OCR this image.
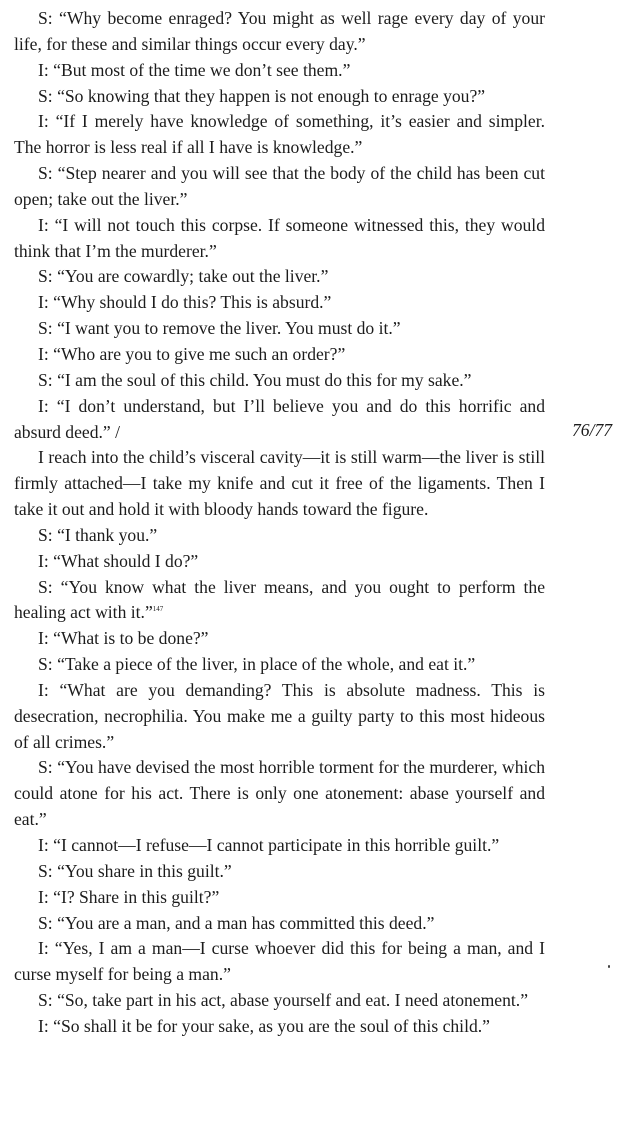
S: “Why become enraged? You might as well rage every day of your life, for these and similar things occur every day.”

I: “But most of the time we don’t see them.”

S: “So knowing that they happen is not enough to enrage you?”

I: “If I merely have knowledge of something, it’s easier and simpler. The horror is less real if all I have is knowledge.”

S: “Step nearer and you will see that the body of the child has been cut open; take out the liver.”

I: “I will not touch this corpse. If someone witnessed this, they would think that I’m the murderer.”

S: “You are cowardly; take out the liver.”

I: “Why should I do this? This is absurd.”

S: “I want you to remove the liver. You must do it.”

I: “Who are you to give me such an order?”

S: “I am the soul of this child. You must do this for my sake.”

I: “I don’t understand, but I’ll believe you and do this horrific and absurd deed.” /

I reach into the child’s visceral cavity—it is still warm—the liver is still firmly attached—I take my knife and cut it free of the ligaments. Then I take it out and hold it with bloody hands toward the figure.

S: “I thank you.”

I: “What should I do?”

S: “You know what the liver means, and you ought to perform the healing act with it.”$^{147}$

I: “What is to be done?”

S: “Take a piece of the liver, in place of the whole, and eat it.”

I: “What are you demanding? This is absolute madness. This is desecration, necrophilia. You make me a guilty party to this most hideous of all crimes.”

S: “You have devised the most horrible torment for the murderer, which could atone for his act. There is only one atonement: abase yourself and eat.”

I: “I cannot—I refuse—I cannot participate in this horrible guilt.”

S: “You share in this guilt.”

I: “I? Share in this guilt?”

S: “You are a man, and a man has committed this deed.”

I: “Yes, I am a man—I curse whoever did this for being a man, and I curse myself for being a man.”

S: “So, take part in his act, abase yourself and eat. I need atonement.”

I: “So shall it be for your sake, as you are the soul of this child.”

76/77
